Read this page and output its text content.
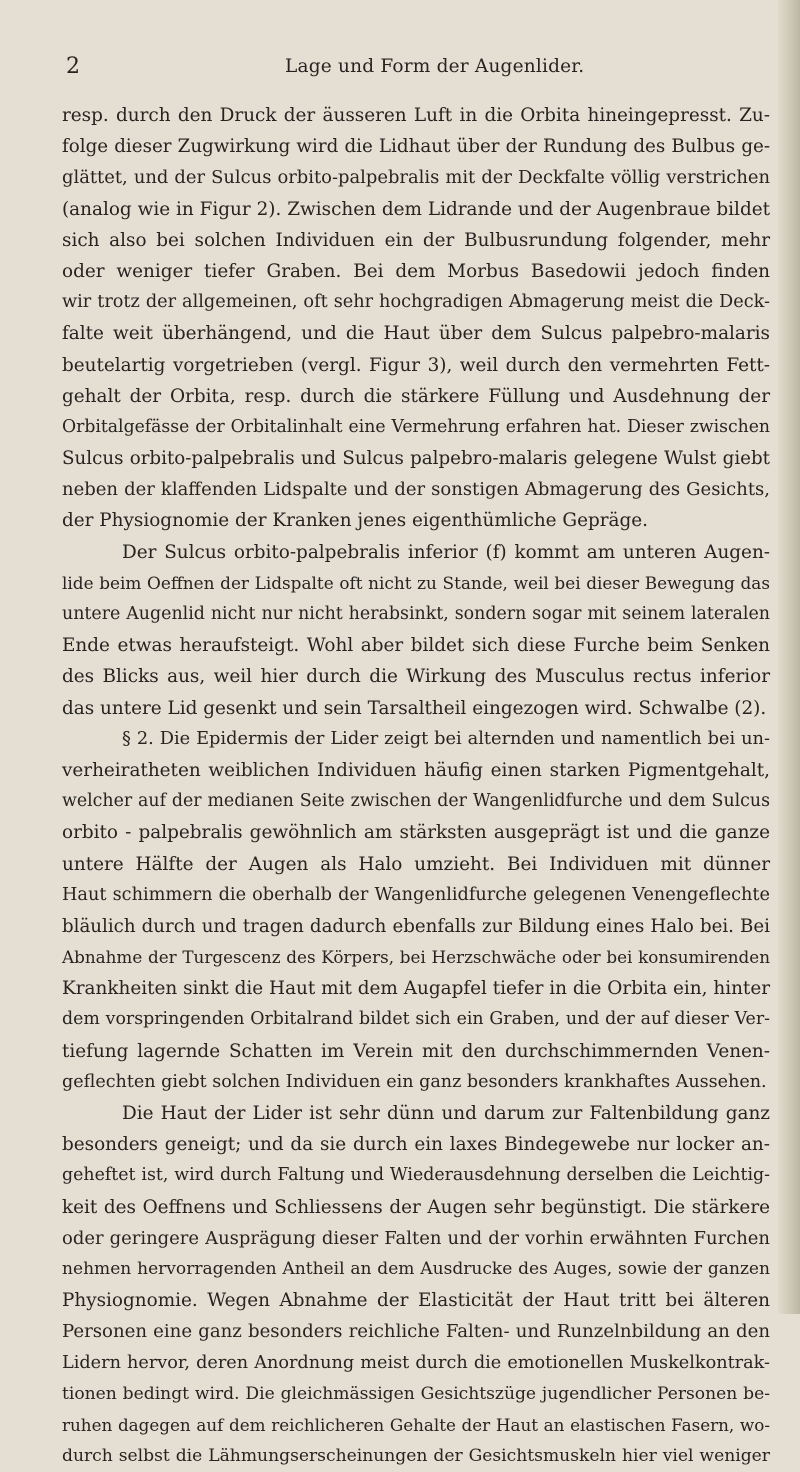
2	Lage und Form der Augenlider.
resp. durch den Druck der äusseren Luft in die Orbita hineingepresst. Zu-
folge dieser Zugwirkung wird die Lidhaut über der Rundung des Bulbus ge-
glättet, und der Sulcus orbito-palpebralis mit der Deckfalte völlig verstrichen
(analog wie in Figur 2). Zwischen dem Lidrande und der Augenbraue bildet
sich also bei solchen Individuen ein der Bulbusrundung folgender, mehr
oder weniger tiefer Graben. Bei dem Morbus Basedowii jedoch finden
wir trotz der allgemeinen, oft sehr hochgradigen Abmagerung meist die Deck-
falte weit überhängend, und die Haut über dem Sulcus palpebro-malaris
beutelartig vorgetrieben (vergl. Figur 3), weil durch den vermehrten Fett-
gehalt der Orbita, resp. durch die stärkere Füllung und Ausdehnung der
Orbitalgefässe der Orbitalinhalt eine Vermehrung erfahren hat. Dieser zwischen
Sulcus orbito-palpebralis und Sulcus palpebro-malaris gelegene Wulst giebt
neben der klaffenden Lidspalte und der sonstigen Abmagerung des Gesichts,
der Physiognomie der Kranken jenes eigenthümliche Gepräge.
Der Sulcus orbito-palpebralis inferior (f) kommt am unteren Augen-
lide beim Oeffnen der Lidspalte oft nicht zu Stande, weil bei dieser Bewegung das
untere Augenlid nicht nur nicht herabsinkt, sondern sogar mit seinem lateralen
Ende etwas heraufsteigt. Wohl aber bildet sich diese Furche beim Senken
des Blicks aus, weil hier durch die Wirkung des Musculus rectus inferior
das untere Lid gesenkt und sein Tarsaltheil eingezogen wird. Schwalbe (2).
§ 2. Die Epidermis der Lider zeigt bei alternden und namentlich bei un-
verheiratheten weiblichen Individuen häufig einen starken Pigmentgehalt,
welcher auf der medianen Seite zwischen der Wangenlidfurche und dem Sulcus
orbito - palpebralis gewöhnlich am stärksten ausgeprägt ist und die ganze
untere Hälfte der Augen als Halo umzieht. Bei Individuen mit dünner
Haut schimmern die oberhalb der Wangenlidfurche gelegenen Venengeflechte
bläulich durch und tragen dadurch ebenfalls zur Bildung eines Halo bei. Bei
Abnahme der Turgescenz des Körpers, bei Herzschwäche oder bei konsumirenden
Krankheiten sinkt die Haut mit dem Augapfel tiefer in die Orbita ein, hinter
dem vorspringenden Orbitalrand bildet sich ein Graben, und der auf dieser Ver-
tiefung lagernde Schatten im Verein mit den durchschimmernden Venen-
geflechten giebt solchen Individuen ein ganz besonders krankhaftes Aussehen.
Die Haut der Lider ist sehr dünn und darum zur Faltenbildung ganz
besonders geneigt; und da sie durch ein laxes Bindegewebe nur locker an-
geheftet ist, wird durch Faltung und Wiederausdehnung derselben die Leichtig-
keit des Oeffnens und Schliessens der Augen sehr begünstigt. Die stärkere
oder geringere Ausprägung dieser Falten und der vorhin erwähnten Furchen
nehmen hervorragenden Antheil an dem Ausdrucke des Auges, sowie der ganzen
Physiognomie. Wegen Abnahme der Elasticität der Haut tritt bei älteren
Personen eine ganz besonders reichliche Falten- und Runzelnbildung an den
Lidern hervor, deren Anordnung meist durch die emotionellen Muskelkontrak-
tionen bedingt wird. Die gleichmässigen Gesichtszüge jugendlicher Personen be-
ruhen dagegen auf dem reichlicheren Gehalte der Haut an elastischen Fasern, wo-
durch selbst die Lähmungserscheinungen der Gesichtsmuskeln hier viel weniger
